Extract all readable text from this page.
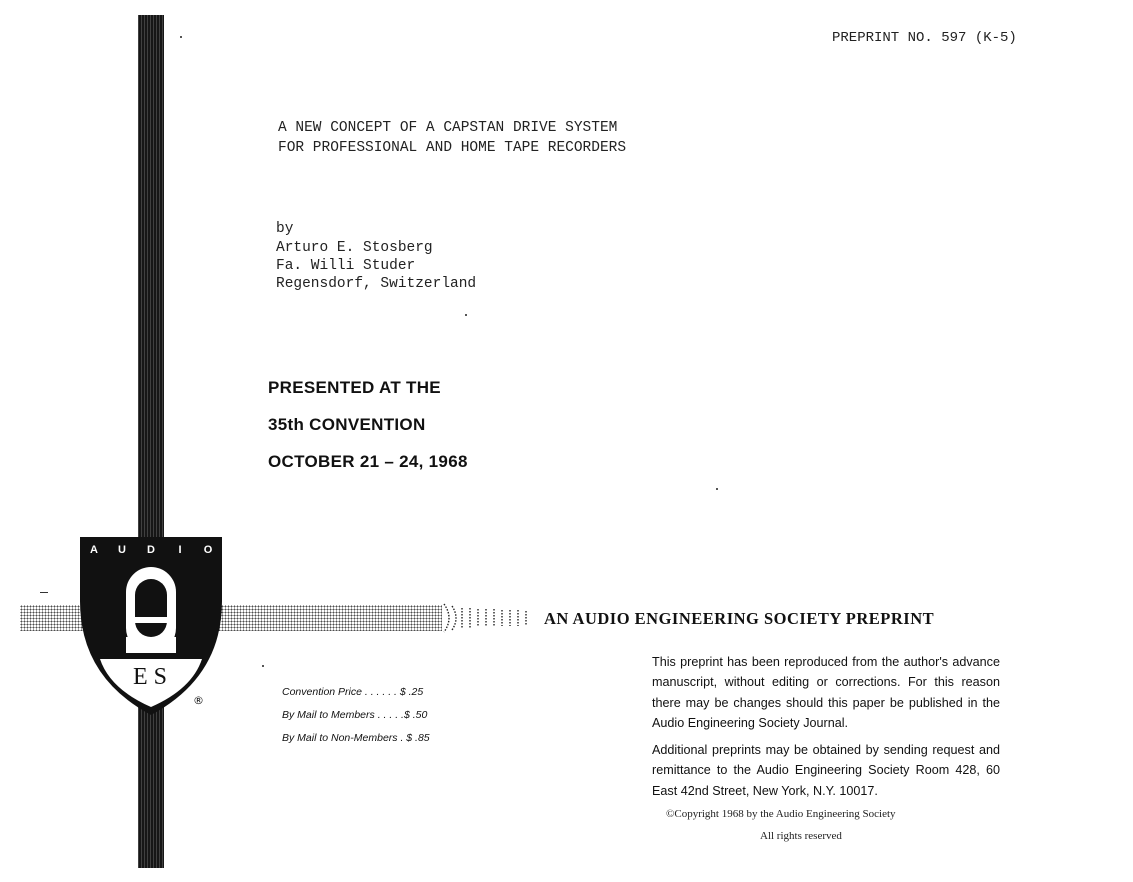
PREPRINT NO. 597 (K-5)
A NEW CONCEPT OF A CAPSTAN DRIVE SYSTEM
FOR PROFESSIONAL AND HOME TAPE RECORDERS
by
Arturo E. Stosberg
Fa. Willi Studer
Regensdorf, Switzerland
PRESENTED AT THE
35th CONVENTION
OCTOBER 21 – 24, 1968
A U D	I	O
ES
®
AN AUDIO ENGINEERING SOCIETY PREPRINT
Convention Price . . . . . . $ .25
By Mail to Members . . . . .$ .50
By Mail to Non-Members . $ .85
This preprint has been reproduced from the author's advance manuscript, without editing or corrections. For this reason there may be changes should this paper be published in the Audio Engineering Society Journal.
Additional preprints may be obtained by sending request and remittance to the Audio Engineering Society Room 428, 60 East 42nd Street, New York, N.Y. 10017.
©Copyright 1968 by the Audio Engineering Society
All rights reserved
